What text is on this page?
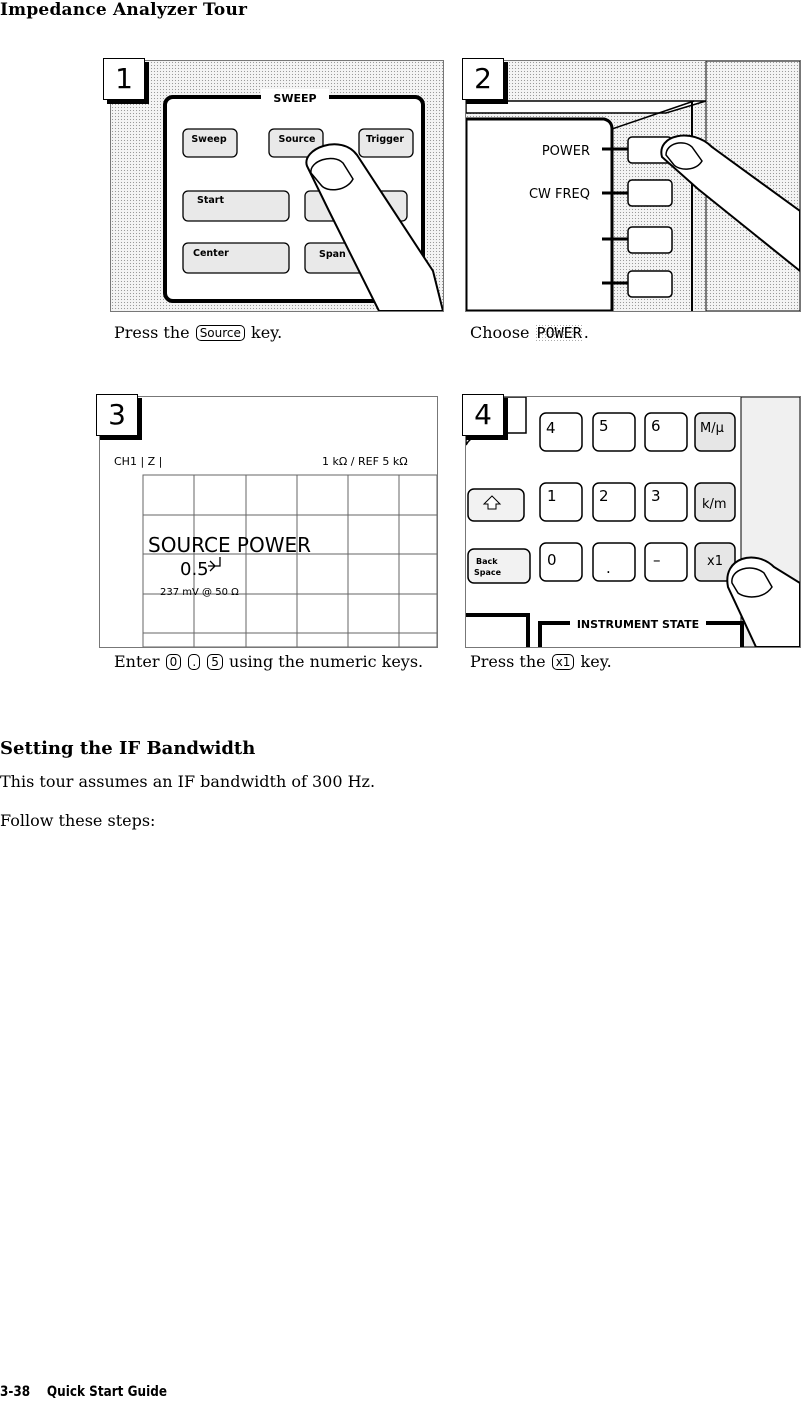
Impedance Analyzer Tour
1
SWEEP
Sweep	Source	Trigger
Start
Center	Span
Press the Source key.
2
POWER
CW FREQ
Choose POWER .
3
CH1 | Z |	1 kΩ / REF 5 kΩ
SOURCE POWER
0.5
237 mV @ 50 Ω
Enter 0 . 5 using the numeric keys.
4	4	5	6	M/µ
1	2	3	k/m
Back
Space
0	.	–	x1
INSTRUMENT STATE
Press the x1 key.
Setting the IF Bandwidth
This tour assumes an IF bandwidth of 300 Hz.
Follow these steps:
3-38 Quick Start Guide
